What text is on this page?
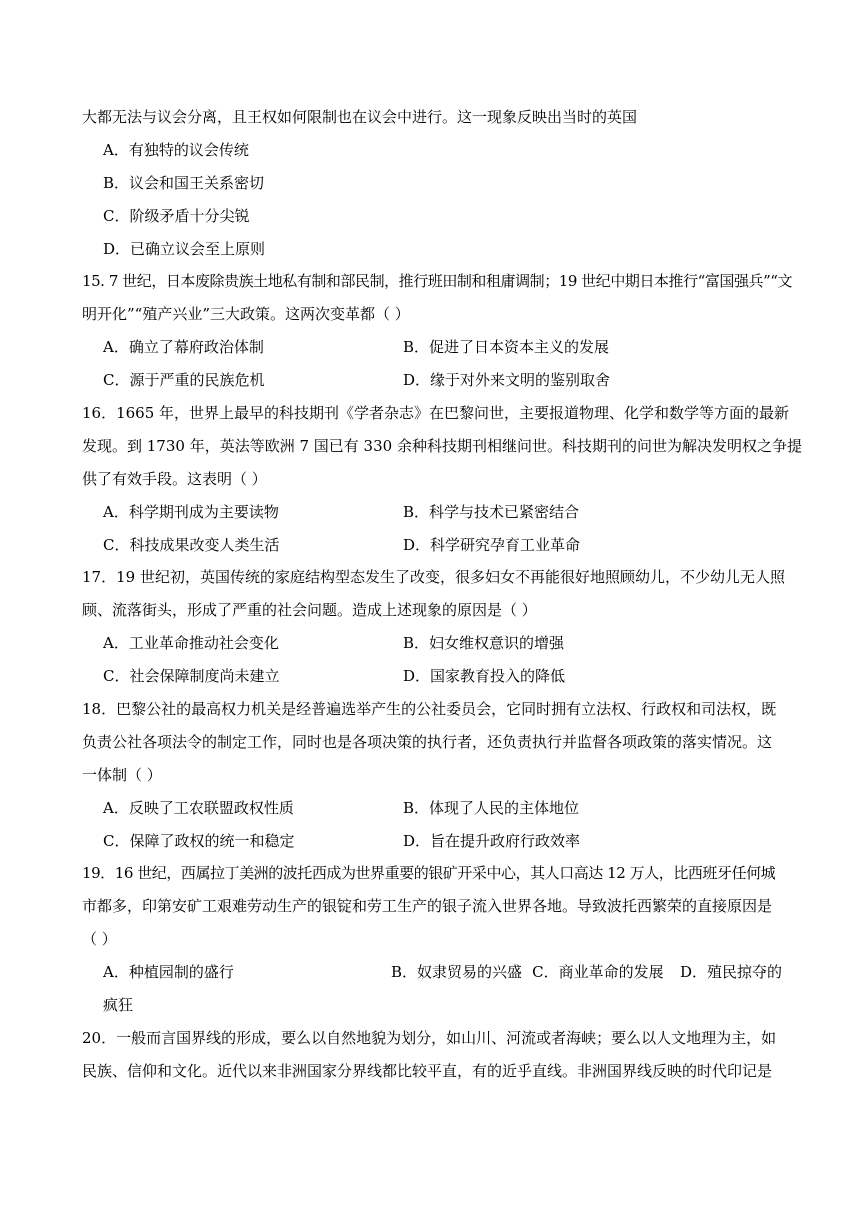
大都无法与议会分离，且王权如何限制也在议会中进行。这一现象反映出当时的英国
A．有独特的议会传统
B．议会和国王关系密切
C．阶级矛盾十分尖锐
D．已确立议会至上原则
15. 7 世纪，日本废除贵族土地私有制和部民制，推行班田制和租庸调制；19 世纪中期日本推行“富国强兵”“文
明开化”“殖产兴业”三大政策。这两次变革都（ ）
A．确立了幕府政治体制	B．促进了日本资本主义的发展
C．源于严重的民族危机	D．缘于对外来文明的鉴别取舍
16．1665 年，世界上最早的科技期刊《学者杂志》在巴黎问世，主要报道物理、化学和数学等方面的最新
发现。到 1730 年，英法等欧洲 7 国已有 330 余种科技期刊相继问世。科技期刊的问世为解决发明权之争提
供了有效手段。这表明（ ）
A．科学期刊成为主要读物	B．科学与技术已紧密结合
C．科技成果改变人类生活	D．科学研究孕育工业革命
17．19 世纪初，英国传统的家庭结构型态发生了改变，很多妇女不再能很好地照顾幼儿，不少幼儿无人照
顾、流落街头，形成了严重的社会问题。造成上述现象的原因是（ ）
A．工业革命推动社会变化	B．妇女维权意识的增强
C．社会保障制度尚未建立	D．国家教育投入的降低
18．巴黎公社的最高权力机关是经普遍选举产生的公社委员会，它同时拥有立法权、行政权和司法权，既
负责公社各项法令的制定工作，同时也是各项决策的执行者，还负责执行并监督各项政策的落实情况。这
一体制（ ）
A．反映了工农联盟政权性质	B．体现了人民的主体地位
C．保障了政权的统一和稳定	D．旨在提升政府行政效率
19．16 世纪，西属拉丁美洲的波托西成为世界重要的银矿开采中心，其人口高达 12 万人，比西班牙任何城
市都多，印第安矿工艰难劳动生产的银锭和劳工生产的银子流入世界各地。导致波托西繁荣的直接原因是
（ ）
A．种植园制的盛行	B．奴隶贸易的兴盛 C．商业革命的发展	D．殖民掠夺的
疯狂
20．一般而言国界线的形成，要么以自然地貌为划分，如山川、河流或者海峡；要么以人文地理为主，如
民族、信仰和文化。近代以来非洲国家分界线都比较平直，有的近乎直线。非洲国界线反映的时代印记是
